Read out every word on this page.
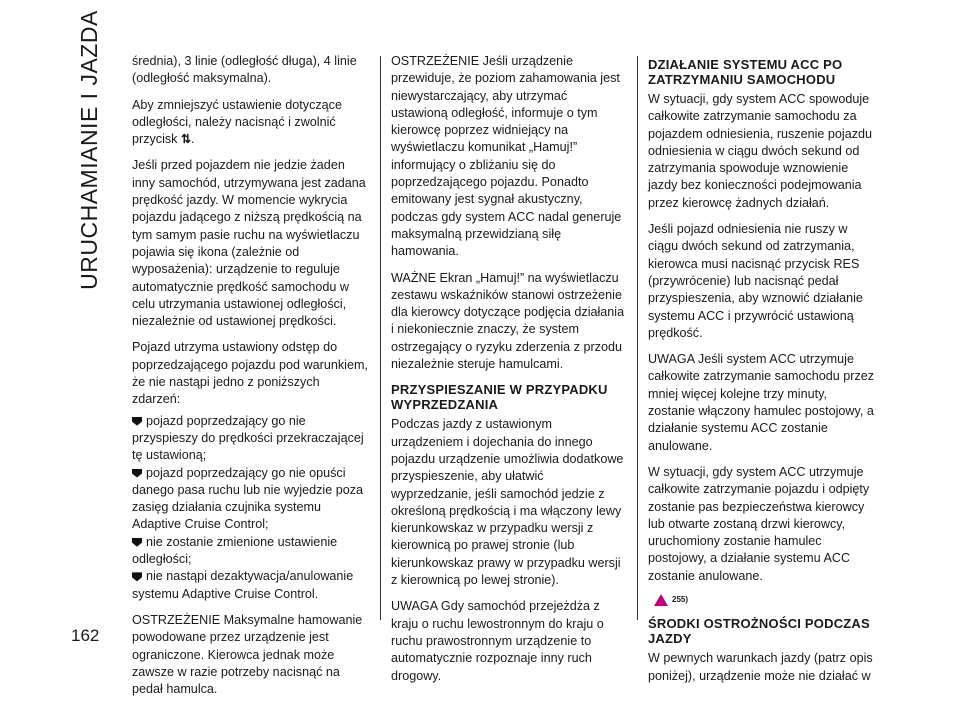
URUCHAMIANIE I JAZDA
162

średnia), 3 linie (odległość długa), 4 linie (odległość maksymalna).

Aby zmniejszyć ustawienie dotyczące odległości, należy nacisnąć i zwolnić przycisk ⇅.

Jeśli przed pojazdem nie jedzie żaden inny samochód, utrzymywana jest zadana prędkość jazdy. W momencie wykrycia pojazdu jadącego z niższą prędkością na tym samym pasie ruchu na wyświetlaczu pojawia się ikona (zależnie od wyposażenia): urządzenie to reguluje automatycznie prędkość samochodu w celu utrzymania ustawionej odległości, niezależnie od ustawionej prędkości.

Pojazd utrzyma ustawiony odstęp do poprzedzającego pojazdu pod warunkiem, że nie nastąpi jedno z poniższych zdarzeń:

pojazd poprzedzający go nie przyspieszy do prędkości przekraczającej tę ustawioną;

pojazd poprzedzający go nie opuści danego pasa ruchu lub nie wyjedzie poza zasięg działania czujnika systemu Adaptive Cruise Control;

nie zostanie zmienione ustawienie odległości;

nie nastąpi dezaktywacja/anulowanie systemu Adaptive Cruise Control.

OSTRZEŻENIE Maksymalne hamowanie powodowane przez urządzenie jest ograniczone. Kierowca jednak może zawsze w razie potrzeby nacisnąć na pedał hamulca.

OSTRZEŻENIE Jeśli urządzenie przewiduje, że poziom zahamowania jest niewystarczający, aby utrzymać ustawioną odległość, informuje o tym kierowcę poprzez widniejący na wyświetlaczu komunikat „Hamuj!” informujący o zbliżaniu się do poprzedzającego pojazdu. Ponadto emitowany jest sygnał akustyczny, podczas gdy system ACC nadal generuje maksymalną przewidzianą siłę hamowania.

WAŻNE Ekran „Hamuj!” na wyświetlaczu zestawu wskaźników stanowi ostrzeżenie dla kierowcy dotyczące podjęcia działania i niekoniecznie znaczy, że system ostrzegający o ryzyku zderzenia z przodu niezależnie steruje hamulcami.

PRZYSPIESZANIE W PRZYPADKU WYPRZEDZANIA

Podczas jazdy z ustawionym urządzeniem i dojechania do innego pojazdu urządzenie umożliwia dodatkowe przyspieszenie, aby ułatwić wyprzedzanie, jeśli samochód jedzie z określoną prędkością i ma włączony lewy kierunkowskaz w przypadku wersji z kierownicą po prawej stronie (lub kierunkowskaz prawy w przypadku wersji z kierownicą po lewej stronie).

UWAGA Gdy samochód przejeżdża z kraju o ruchu lewostronnym do kraju o ruchu prawostronnym urządzenie to automatycznie rozpoznaje inny ruch drogowy.

DZIAŁANIE SYSTEMU ACC PO ZATRZYMANIU SAMOCHODU

W sytuacji, gdy system ACC spowoduje całkowite zatrzymanie samochodu za pojazdem odniesienia, ruszenie pojazdu odniesienia w ciągu dwóch sekund od zatrzymania spowoduje wznowienie jazdy bez konieczności podejmowania przez kierowcę żadnych działań.

Jeśli pojazd odniesienia nie ruszy w ciągu dwóch sekund od zatrzymania, kierowca musi nacisnąć przycisk RES (przywrócenie) lub nacisnąć pedał przyspieszenia, aby wznowić działanie systemu ACC i przywrócić ustawioną prędkość.

UWAGA Jeśli system ACC utrzymuje całkowite zatrzymanie samochodu przez mniej więcej kolejne trzy minuty, zostanie włączony hamulec postojowy, a działanie systemu ACC zostanie anulowane.

W sytuacji, gdy system ACC utrzymuje całkowite zatrzymanie pojazdu i odpięty zostanie pas bezpieczeństwa kierowcy lub otwarte zostaną drzwi kierowcy, uruchomiony zostanie hamulec postojowy, a działanie systemu ACC zostanie anulowane.

255)
ŚRODKI OSTROŻNOŚCI PODCZAS JAZDY

W pewnych warunkach jazdy (patrz opis poniżej), urządzenie może nie działać w
